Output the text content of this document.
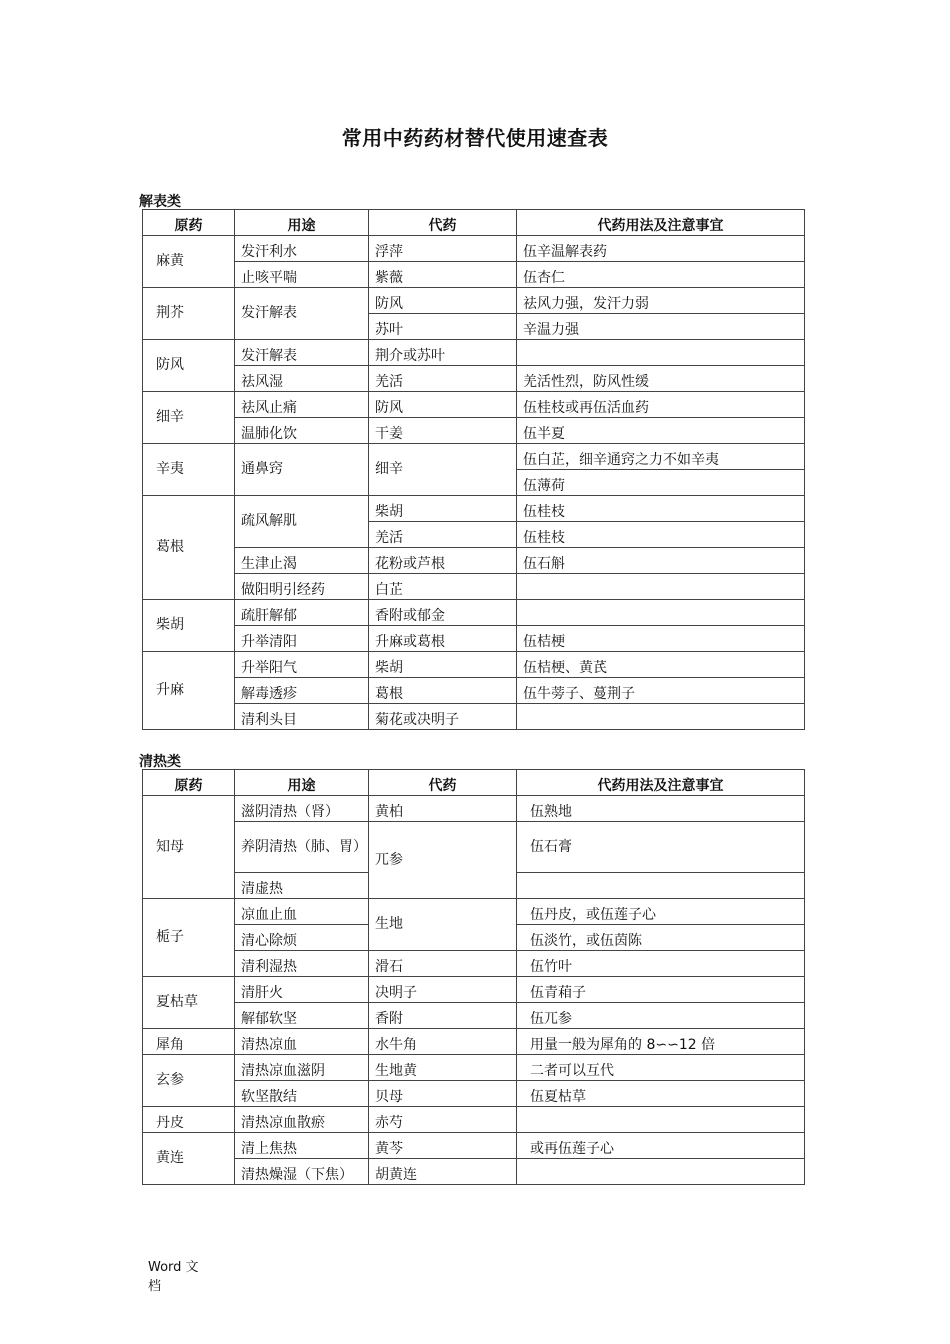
常用中药药材替代使用速查表
解表类
原药	用途	代药	代药用法及注意事宜
麻黄	发汗利水	浮萍	伍辛温解表药
	止咳平喘	紫薇	伍杏仁
荆芥	发汗解表	防风	祛风力强，发汗力弱
		苏叶	辛温力强
防风	发汗解表	荆介或苏叶	
	祛风湿	羌活	羌活性烈，防风性缓
细辛	祛风止痛	防风	伍桂枝或再伍活血药
	温肺化饮	干姜	伍半夏
辛夷	通鼻窍	细辛	伍白芷，细辛通窍之力不如辛夷
			伍薄荷
葛根	疏风解肌	柴胡	伍桂枝
		羌活	伍桂枝
	生津止渴	花粉或芦根	伍石斛
	做阳明引经药	白芷	
柴胡	疏肝解郁	香附或郁金	
	升举清阳	升麻或葛根	伍桔梗
升麻	升举阳气	柴胡	伍桔梗、黄芪
	解毒透疹	葛根	伍牛蒡子、蔓荆子
	清利头目	菊花或决明子	
清热类
原药	用途	代药	代药用法及注意事宜
知母	滋阴清热（肾）	黄柏	伍熟地
	养阴清热（肺、胃）	兀参	伍石膏
	清虚热		
栀子	凉血止血	生地	伍丹皮，或伍莲子心
	清心除烦		伍淡竹，或伍茵陈
	清利湿热	滑石	伍竹叶
夏枯草	清肝火	决明子	伍青葙子
	解郁软坚	香附	伍兀参
犀角	清热凉血	水牛角	用量一般为犀角的 8∽∽12 倍
玄参	清热凉血滋阴	生地黄	二者可以互代
	软坚散结	贝母	伍夏枯草
丹皮	清热凉血散瘀	赤芍	
黄连	清上焦热	黄芩	或再伍莲子心
	清热燥湿（下焦）	胡黄连	
Word 文档
